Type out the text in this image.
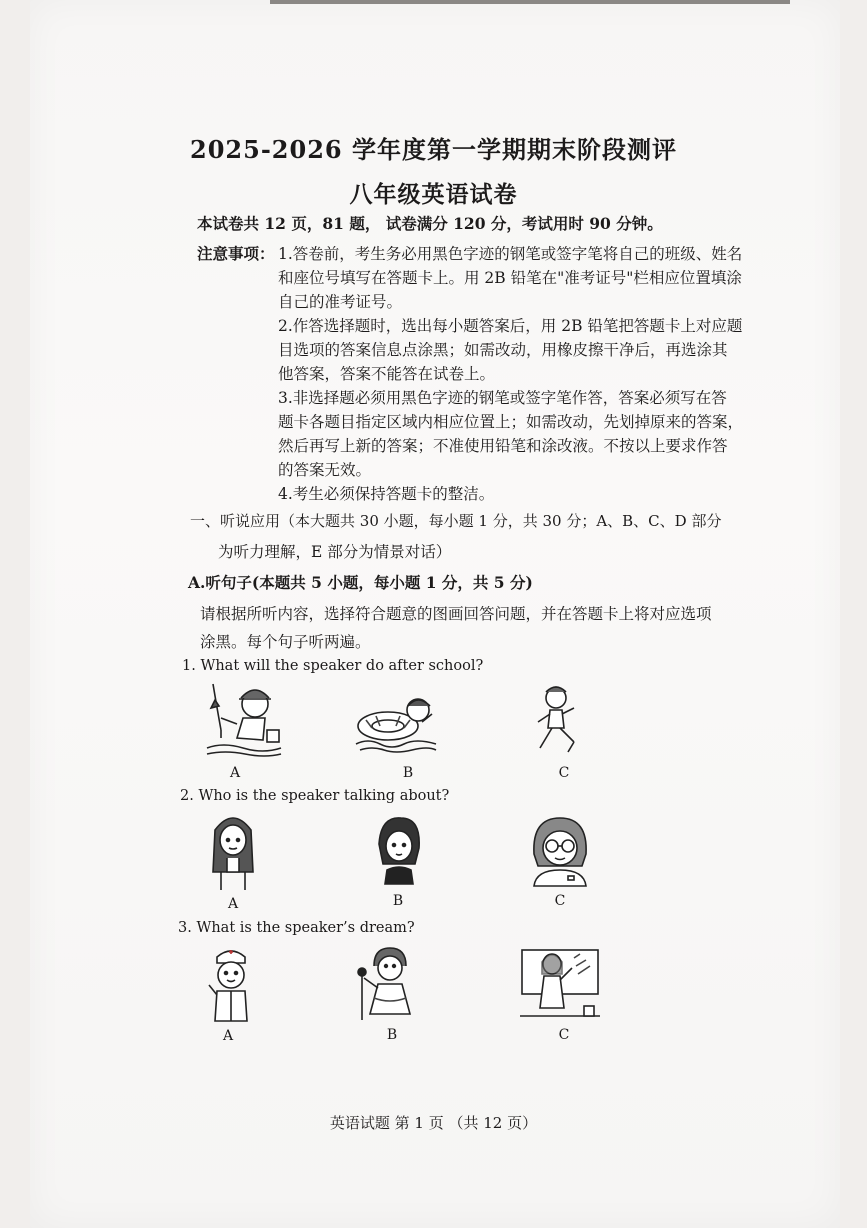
2025-2026 学年度第一学期期末阶段测评
八年级英语试卷
本试卷共 12 页，81 题， 试卷满分 120 分，考试用时 90 分钟。
注意事项： 1.答卷前，考生务必用黑色字迹的钢笔或签字笔将自己的班级、姓名
和座位号填写在答题卡上。用 2B 铅笔在"准考证号"栏相应位置填涂
自己的准考证号。
2.作答选择题时，选出每小题答案后，用 2B 铅笔把答题卡上对应题
目选项的答案信息点涂黑；如需改动，用橡皮擦干净后，再选涂其
他答案，答案不能答在试卷上。
3.非选择题必须用黑色字迹的钢笔或签字笔作答，答案必须写在答
题卡各题目指定区域内相应位置上；如需改动，先划掉原来的答案，
然后再写上新的答案；不准使用铅笔和涂改液。不按以上要求作答
的答案无效。
4.考生必须保持答题卡的整洁。
一、听说应用（本大题共 30 小题，每小题 1 分，共 30 分；A、B、C、D 部分
为听力理解，E 部分为情景对话）
A.听句子(本题共 5 小题，每小题 1 分，共 5 分)
请根据所听内容，选择符合题意的图画回答问题，并在答题卡上将对应选项
涂黑。每个句子听两遍。
1. What will the speaker do after school?
A	B	C
2. Who is the speaker talking about?
A	B	C
3. What is the speaker’s dream?
A	B	C
英语试题 第 1 页 （共 12 页）
